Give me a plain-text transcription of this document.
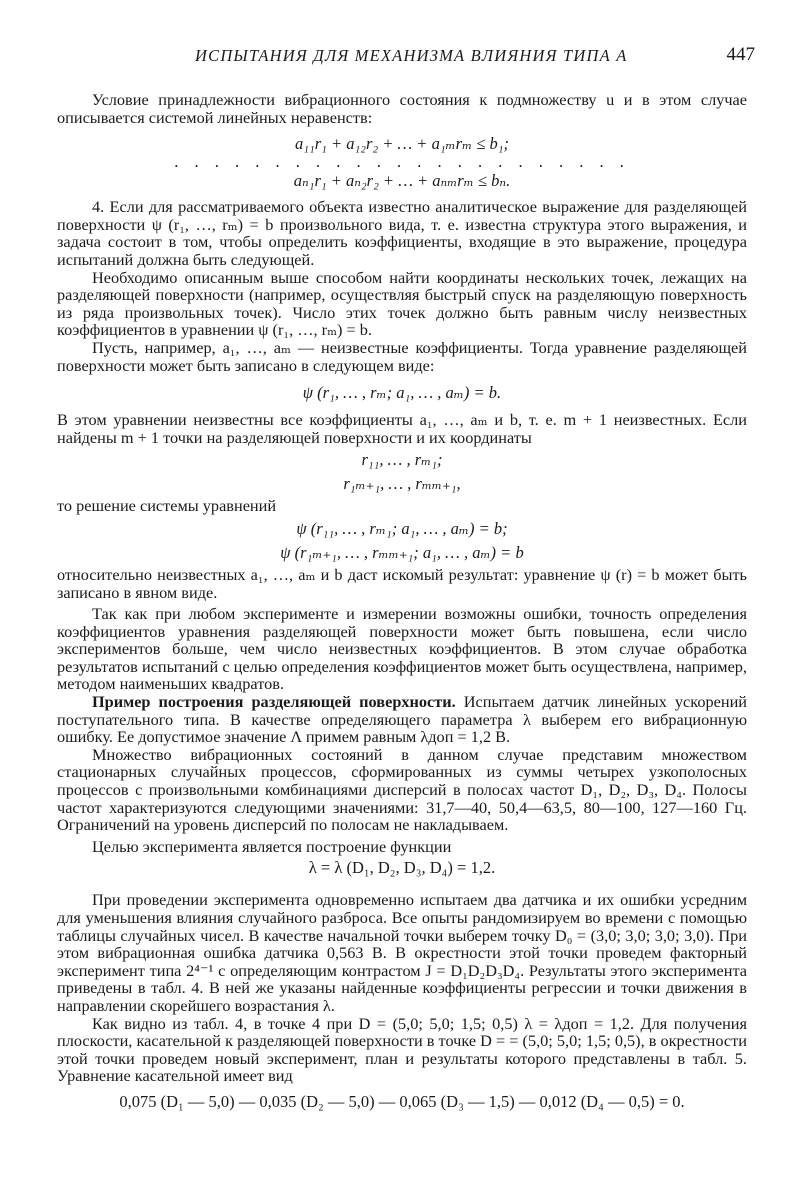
ИСПЫТАНИЯ ДЛЯ МЕХАНИЗМА ВЛИЯНИЯ ТИПА А	447

Условие принадлежности вибрационного состояния к подмножеству u и в этом случае описывается системой линейных неравенств:

a₁₁r₁ + a₁₂r₂ + … + a₁ₘrₘ ≤ b₁;
. . . . . . . . . . . . . . . . . . . . . . .
aₙ₁r₁ + aₙ₂r₂ + … + aₙₘrₘ ≤ bₙ.

4. Если для рассматриваемого объекта известно аналитическое выражение для разделяющей поверхности ψ (r₁, …, rₘ) = b произвольного вида, т. е. известна структура этого выражения, и задача состоит в том, чтобы определить коэффициенты, входящие в это выражение, процедура испытаний должна быть следующей.

Необходимо описанным выше способом найти координаты нескольких точек, лежащих на разделяющей поверхности (например, осуществляя быстрый спуск на разделяющую поверхность из ряда произвольных точек). Число этих точек должно быть равным числу неизвестных коэффициентов в уравнении ψ (r₁, …, rₘ) = b.

Пусть, например, a₁, …, aₘ — неизвестные коэффициенты. Тогда уравнение разделяющей поверхности может быть записано в следующем виде:

ψ (r₁, … , rₘ; a₁, … , aₘ) = b.

В этом уравнении неизвестны все коэффициенты a₁, …, aₘ и b, т. е. m + 1 неизвестных. Если найдены m + 1 точки на разделяющей поверхности и их координаты

r₁₁, … , rₘ₁;
r₁ₘ₊₁, … , rₘₘ₊₁,

то решение системы уравнений

ψ (r₁₁, … , rₘ₁; a₁, … , aₘ) = b;
ψ (r₁ₘ₊₁, … , rₘₘ₊₁; a₁, … , aₘ) = b

относительно неизвестных a₁, …, aₘ и b даст искомый результат: уравнение ψ (r) = b может быть записано в явном виде.

Так как при любом эксперименте и измерении возможны ошибки, точность определения коэффициентов уравнения разделяющей поверхности может быть повышена, если число экспериментов больше, чем число неизвестных коэффициентов. В этом случае обработка результатов испытаний с целью определения коэффициентов может быть осуществлена, например, методом наименьших квадратов.

Пример построения разделяющей поверхности. Испытаем датчик линейных ускорений поступательного типа. В качестве определяющего параметра λ выберем его вибрационную ошибку. Ее допустимое значение Λ примем равным λдоп = 1,2 В.

Множество вибрационных состояний в данном случае представим множеством стационарных случайных процессов, сформированных из суммы четырех узкополосных процессов с произвольными комбинациями дисперсий в полосах частот D₁, D₂, D₃, D₄. Полосы частот характеризуются следующими значениями: 31,7—40, 50,4—63,5, 80—100, 127—160 Гц. Ограничений на уровень дисперсий по полосам не накладываем.

Целью эксперимента является построение функции

λ = λ (D₁, D₂, D₃, D₄) = 1,2.

При проведении эксперимента одновременно испытаем два датчика и их ошибки усредним для уменьшения влияния случайного разброса. Все опыты рандомизируем во времени с помощью таблицы случайных чисел. В качестве начальной точки выберем точку D₀ = (3,0; 3,0; 3,0; 3,0). При этом вибрационная ошибка датчика 0,563 В. В окрестности этой точки проведем факторный эксперимент типа 2⁴⁻¹ с определяющим контрастом J = D₁D₂D₃D₄. Результаты этого эксперимента приведены в табл. 4. В ней же указаны найденные коэффициенты регрессии и точки движения в направлении скорейшего возрастания λ.

Как видно из табл. 4, в точке 4 при D = (5,0; 5,0; 1,5; 0,5) λ = λдоп = 1,2. Для получения плоскости, касательной к разделяющей поверхности в точке D = = (5,0; 5,0; 1,5; 0,5), в окрестности этой точки проведем новый эксперимент, план и результаты которого представлены в табл. 5. Уравнение касательной имеет вид

0,075 (D₁ — 5,0) — 0,035 (D₂ — 5,0) — 0,065 (D₃ — 1,5) — 0,012 (D₄ — 0,5) = 0.
